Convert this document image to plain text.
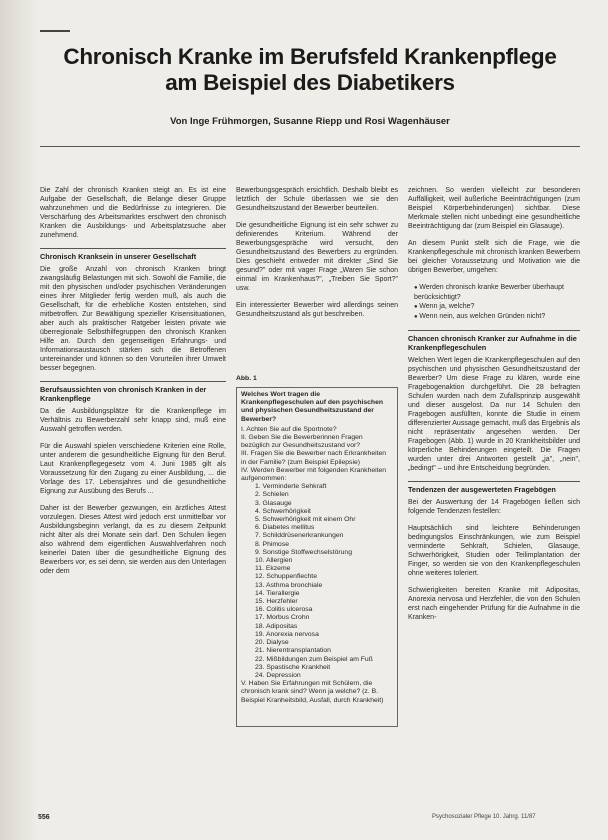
Chronisch Kranke im Berufsfeld Krankenpflege
am Beispiel des Diabetikers
Von Inge Frühmorgen, Susanne Riepp und Rosi Wagenhäuser

Die Zahl der chronisch Kranken steigt an. Es ist eine Aufgabe der Gesellschaft, die Belange dieser Gruppe wahrzunehmen und die Bedürfnisse zu integrieren. Die Verschärfung des Arbeitsmarktes erschwert den chronisch Kranken die Ausbildungs- und Arbeitsplatzsuche aber zunehmend.

Chronisch Kranksein in unserer Gesellschaft

Die große Anzahl von chronisch Kranken bringt zwangsläufig Belastungen mit sich. Sowohl die Familie, die mit den physischen und/oder psychischen Veränderungen eines ihrer Mitglieder fertig werden muß, als auch die Gesellschaft, für die erhebliche Kosten entstehen, sind mitbetroffen. Zur Bewältigung spezieller Krisensituationen, aber auch als praktischer Ratgeber leisten private wie überregionale Selbsthilfegruppen den chronisch Kranken Hilfe an. Durch den gegenseitigen Erfahrungs- und Informationsaustausch stärken sich die Betroffenen untereinander und können so den Vorurteilen ihrer Umwelt besser begegnen.

Berufsaussichten von chronisch Kranken in der Krankenpflege

Da die Ausbildungsplätze für die Krankenpflege im Verhältnis zu Bewerberzahl sehr knapp sind, muß eine Auswahl getroffen werden.

Für die Auswahl spielen verschiedene Kriterien eine Rolle, unter anderem die gesundheitliche Eignung für den Beruf. Laut Krankenpflegegesetz vom 4. Juni 1985 gilt als Voraussetzung für den Zugang zu einer Ausbildung, ... die Vorlage des 17. Lebensjahres und die gesundheitliche Eignung zur Ausübung des Berufs ...

Daher ist der Bewerber gezwungen, ein ärztliches Attest vorzulegen. Dieses Attest wird jedoch erst unmittelbar vor Ausbildungsbeginn verlangt, da es zu diesem Zeitpunkt nicht älter als drei Monate sein darf. Den Schulen liegen also während dem eigentlichen Auswahlverfahren noch keinerlei Daten über die gesundheitliche Eignung des Bewerbers vor, es sei denn, sie werden aus den Unterlagen oder dem

Bewerbungsgespräch ersichtlich. Deshalb bleibt es letztlich der Schule überlassen wie sie den Gesundheitszustand der Bewerber beurteilen.

Die gesundheitliche Eignung ist ein sehr schwer zu definierendes Kriterium. Während der Bewerbungsgespräche wird versucht, den Gesundheitszustand des Bewerbers zu ergründen. Dies geschieht entweder mit direkter „Sind Sie gesund?" oder mit vager Frage „Waren Sie schon einmal im Krankenhaus?", „Treiben Sie Sport?" usw.

Ein interessierter Bewerber wird allerdings seinen Gesundheitszustand als gut beschreiben.

Abb. 1
Welches Wort tragen die Krankenpflegeschulen auf den psychischen und physischen Gesundheitszustand der Bewerber?
I. Achten Sie auf die Sportnote?
II. Geben Sie die Bewerberinnen Fragen bezüglich zur Gesundheitszustand vor?
III. Fragen Sie die Bewerber nach Erkrankheiten in der Familie? (zum Beispiel Epilepsie)
IV. Werden Bewerber mit folgenden Krankheiten aufgenommen:
1. Verminderte Sehkraft
2. Schielen
3. Glasauge
4. Schwerhörigkeit
5. Schwerhörigkeit mit einem Ohr
6. Diabetes mellitus
7. Schilddrüsenerkrankungen
8. Phimose
9. Sonstige Stoffwechselstörung
10. Allergien
11. Ekzeme
12. Schuppenflechte
13. Asthma bronchiale
14. Tierallergie
15. Herzfehler
16. Colitis ulcerosa
17. Morbus Crohn
18. Adipositas
19. Anorexia nervosa
20. Dialyse
21. Nierentransplantation
22. Mißbildungen zum Beispiel am Fuß
23. Spastische Krankheit
24. Depression
V. Haben Sie Erfahrungen mit Schülern, die chronisch krank sind? Wenn ja welche? (z. B. Beispiel Kranheitsbild, Ausfall, durch Krankheit)

zeichnen. So werden vielleicht zur besonderen Auffälligkeit, weil äußerliche Beeinträchtigungen (zum Beispiel Körperbehinderungen) sichtbar. Diese Merkmale stellen nicht unbedingt eine gesundheitliche Beeinträchtigung dar (zum Beispiel ein Glasauge).

An diesem Punkt stellt sich die Frage, wie die Krankenpflegeschule mit chronisch kranken Bewerbern bei gleicher Voraussetzung und Motivation wie die übrigen Bewerber, umgehen:

● Werden chronisch kranke Bewerber überhaupt berücksichtigt?
● Wenn ja, welche?
● Wenn nein, aus welchen Gründen nicht?
Chancen chronisch Kranker zur Aufnahme in die Krankenpflegeschulen

Welchen Wert legen die Krankenpflegeschulen auf den psychischen und physischen Gesundheitszustand der Bewerber? Um diese Frage zu klären, wurde eine Fragebogenaktion durchgeführt. Die 28 befragten Schulen wurden nach dem Zufallsprinzip ausgewählt und dieser ausgelost. Da nur 14 Schulen den Fragebogen ausfüllten, konnte die Studie in einem differenzierter Aussage gemacht, muß das Ergebnis als nicht repräsentativ angesehen werden. Der Fragebogen (Abb. 1) wurde in 20 Krankheitsbilder und körperliche Behinderungen eingeteilt. Die Fragen wurden unter drei Antworten gestellt „ja", „nein", „bedingt" – und ihre Entscheidung begründen.

Tendenzen der ausgewerteten Fragebögen

Bei der Auswertung der 14 Fragebögen ließen sich folgende Tendenzen festellen:

Hauptsächlich sind leichtere Behinderungen bedingungslos Einschränkungen, wie zum Beispiel verminderte Sehkraft, Schielen, Glasauge, Schwerhörigkeit, Studien oder Teilimplantation der Finger, so werden sie von den Krankenpflegeschulen ohne weiteres toleriert.

Schwierigkeiten bereiten Kranke mit Adipositas, Anorexia nervosa und Herzfehler, die von den Schulen erst nach eingehender Prüfung für die Aufnahme in die Kranken-

556	Psychosozialer Pflege 10. Jahrg. 11/87
